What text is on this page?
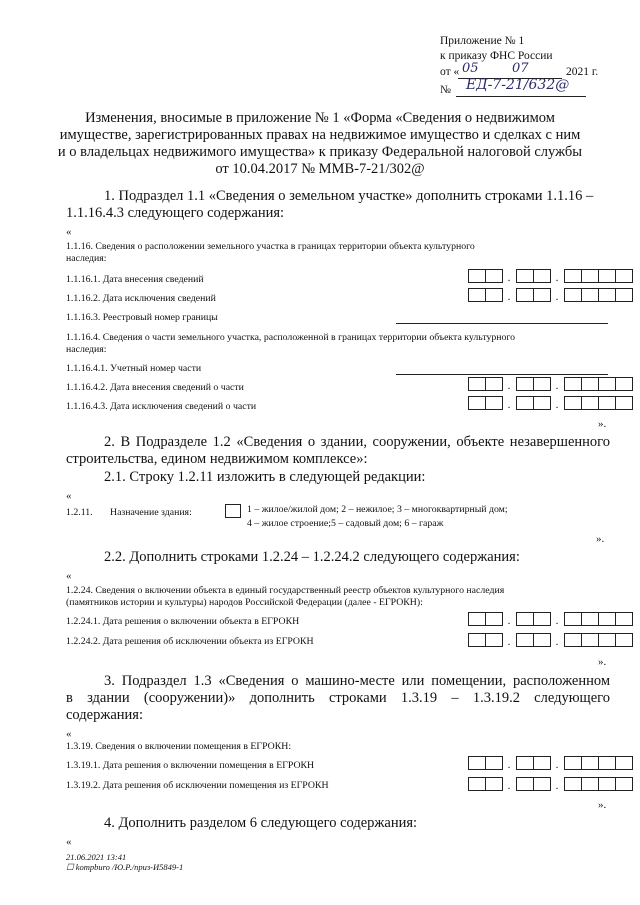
Приложение № 1
к приказу ФНС России
от « 05	07	2021 г.
№ ЕД-7-21/632@
Изменения, вносимые в приложение № 1 «Форма «Сведения о недвижимом
имуществе, зарегистрированных правах на недвижимое имущество и сделках с ним
и о владельцах недвижимого имущества» к приказу Федеральной налоговой службы
от 10.04.2017 № ММВ-7-21/302@
1. Подраздел 1.1 «Сведения о земельном участке» дополнить строками 1.1.16 –
1.1.16.4.3 следующего содержания:
«
1.1.16. Сведения о расположении земельного участка в границах территории объекта культурного
наследия:
1.1.16.1. Дата внесения сведений	.	.
1.1.16.2. Дата исключения сведений	.	.
1.1.16.3. Реестровый номер границы
1.1.16.4. Сведения о части земельного участка, расположенной в границах территории объекта культурного
наследия:
1.1.16.4.1. Учетный номер части
1.1.16.4.2. Дата внесения сведений о части	.	.
1.1.16.4.3. Дата исключения сведений о части	.	.
».
2. В Подразделе 1.2 «Сведения о здании, сооружении, объекте незавершенного
строительства, едином недвижимом комплексе»:
2.1. Строку 1.2.11 изложить в следующей редакции:
«
1.2.11. Назначение здания:	1 – жилое/жилой дом; 2 – нежилое; 3 – многоквартирный дом;
4 – жилое строение;5 – садовый дом; 6 – гараж
».
2.2. Дополнить строками 1.2.24 – 1.2.24.2 следующего содержания:
«
1.2.24. Сведения о включении объекта в единый государственный реестр объектов культурного наследия
(памятников истории и культуры) народов Российской Федерации (далее - ЕГРОКН):
1.2.24.1. Дата решения о включении объекта в ЕГРОКН	.	.
1.2.24.2. Дата решения об исключении объекта из ЕГРОКН	.	.
».
3. Подраздел 1.3 «Сведения о машино-месте или помещении, расположенном
в здании (сооружении)» дополнить строками 1.3.19 – 1.3.19.2 следующего
содержания:
«
1.3.19. Сведения о включении помещения в ЕГРОКН:
1.3.19.1. Дата решения о включении помещения в ЕГРОКН	.	.
1.3.19.2. Дата решения об исключении помещения из ЕГРОКН	.	.
».
4. Дополнить разделом 6 следующего содержания:
«
21.06.2021 13:41
☐ kompburo /Ю.Р./приз-И5849-1
